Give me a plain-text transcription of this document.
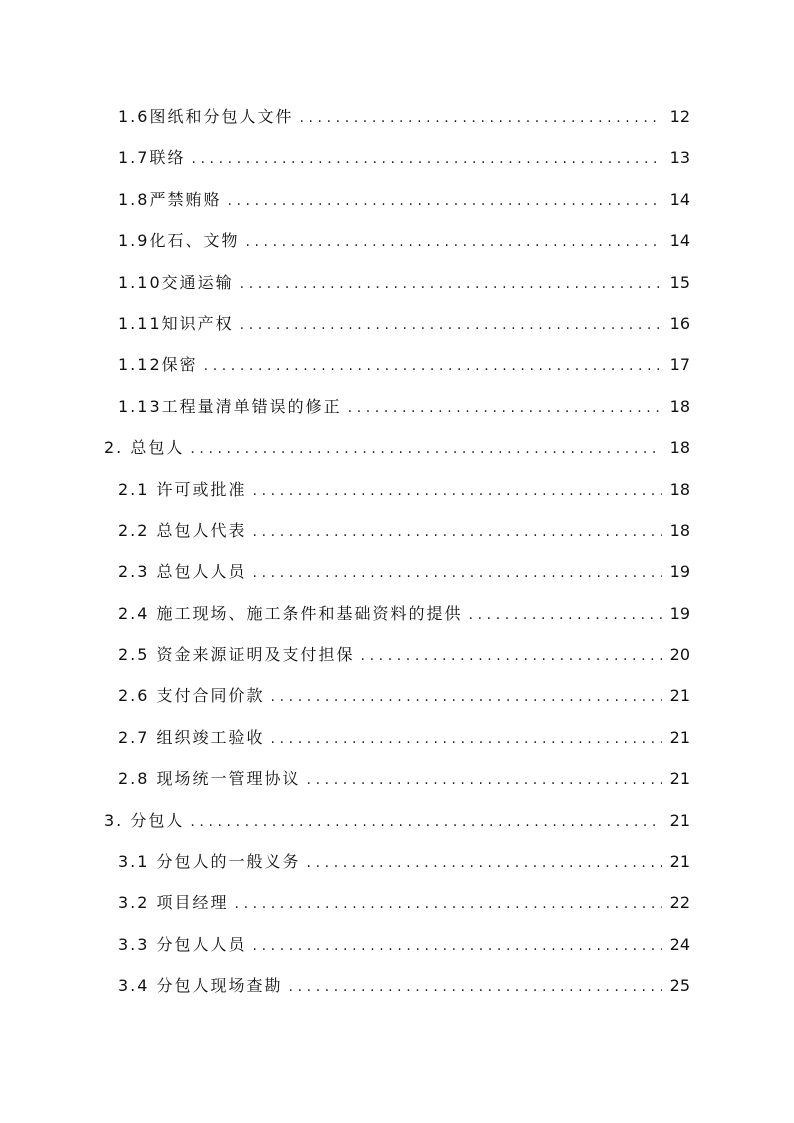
1.6图纸和分包人文件 .....	12
1.7联络 .....	13
1.8严禁贿赂 .....	14
1.9化石、文物 .....	14
1.10交通运输 .....	15
1.11知识产权 .....	16
1.12保密 .....	17
1.13工程量清单错误的修正 .....	18
2. 总包人 .....	18
2.1 许可或批准 .....	18
2.2 总包人代表 .....	18
2.3 总包人人员 .....	19
2.4 施工现场、施工条件和基础资料的提供 .....	19
2.5 资金来源证明及支付担保 .....	20
2.6 支付合同价款 .....	21
2.7 组织竣工验收 .....	21
2.8 现场统一管理协议 .....	21
3. 分包人 .....	21
3.1 分包人的一般义务 .....	21
3.2 项目经理 .....	22
3.3 分包人人员 .....	24
3.4 分包人现场查勘 .....	25
